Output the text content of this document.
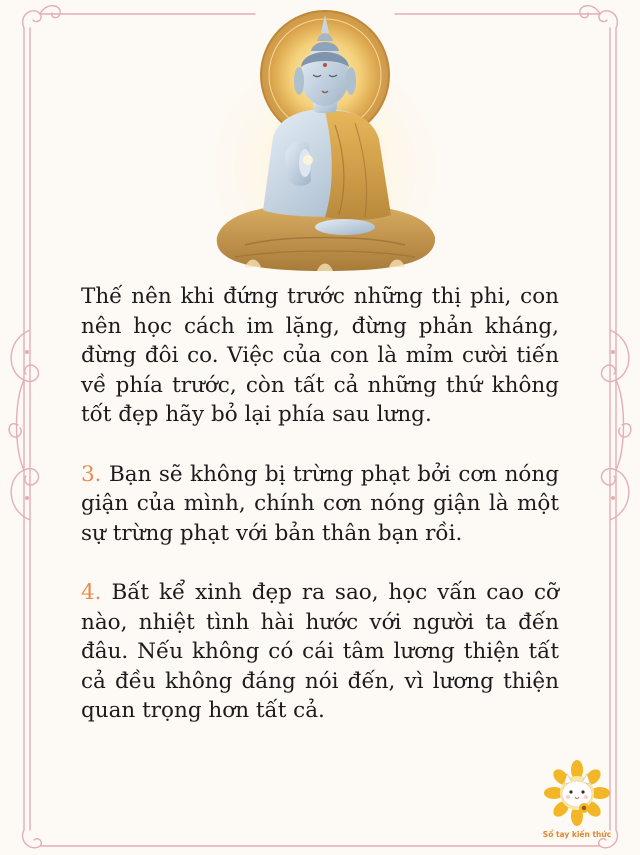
Thế nên khi đứng trước những thị phi, con nên học cách im lặng, đừng phản kháng, đừng đôi co. Việc của con là mỉm cười tiến về phía trước, còn tất cả những thứ không tốt đẹp hãy bỏ lại phía sau lưng.

3. Bạn sẽ không bị trừng phạt bởi cơn nóng giận của mình, chính cơn nóng giận là một sự trừng phạt với bản thân bạn rồi.

4. Bất kể xinh đẹp ra sao, học vấn cao cỡ nào, nhiệt tình hài hước với người ta đến đâu. Nếu không có cái tâm lương thiện tất cả đều không đáng nói đến, vì lương thiện quan trọng hơn tất cả.

Sổ tay kiến thức
